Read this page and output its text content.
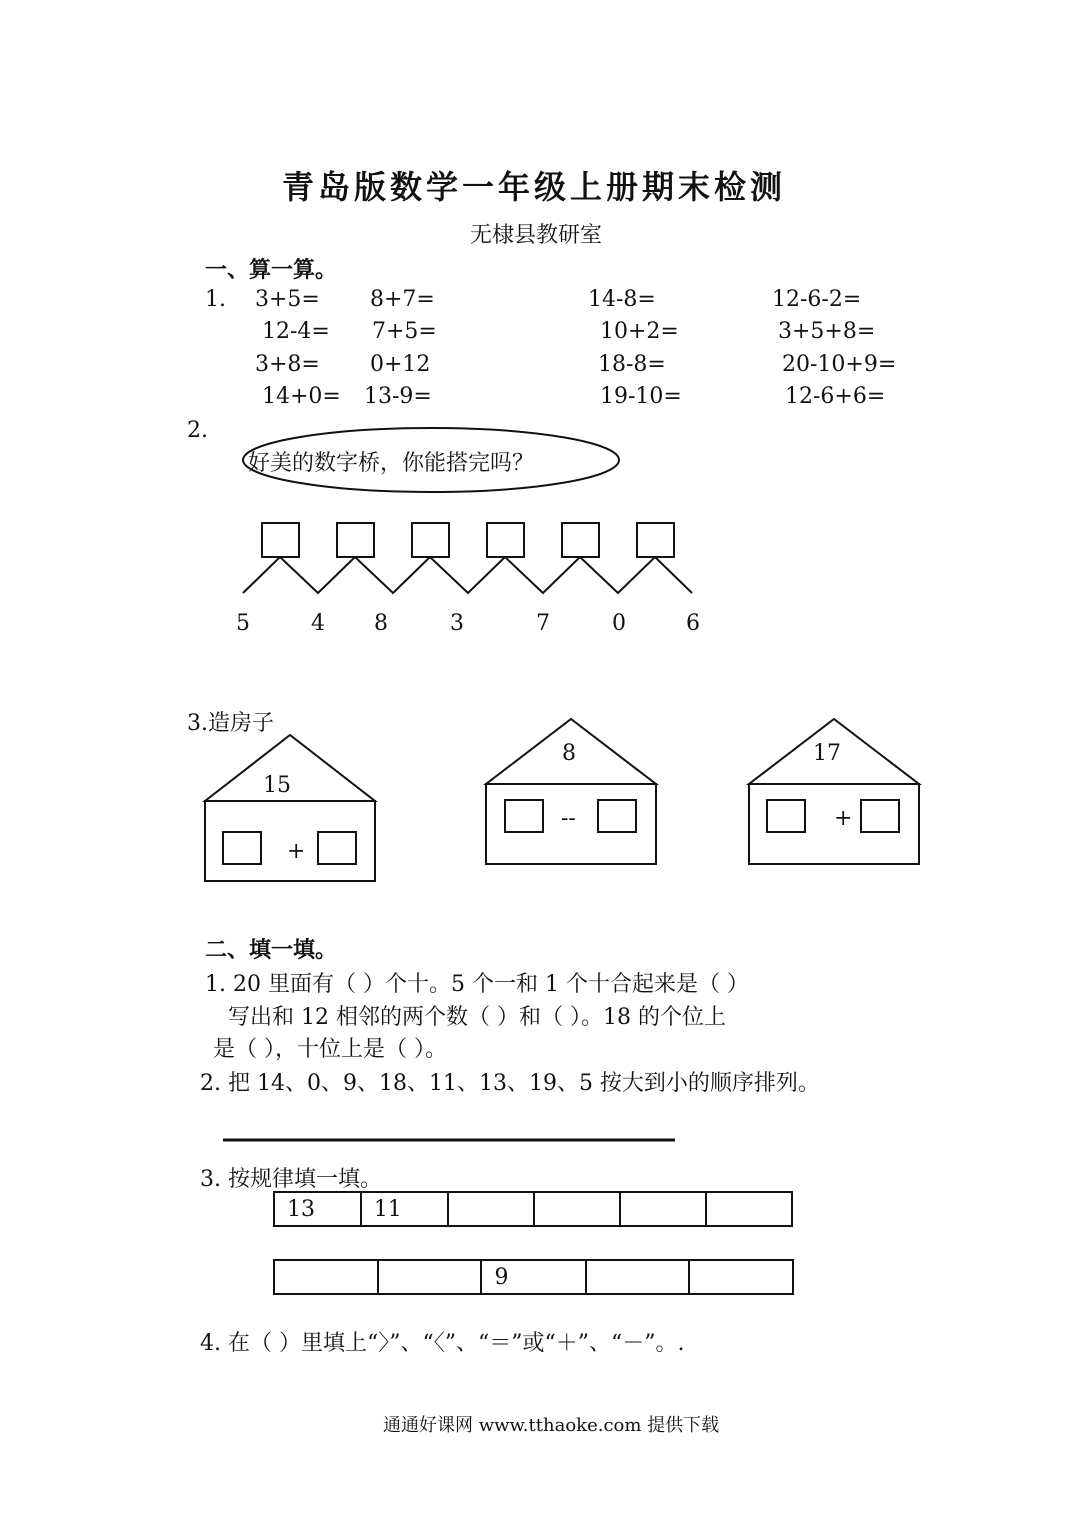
青岛版数学一年级上册期末检测
无棣县教研室
一、算一算。
1. 3+5= 8+7=	14-8=	12-6-2=
12-4= 7+5=	10+2=	3+5+8=
3+8= 0+12	18-8=	20-10+9=
14+0= 13-9=	19-10=	12-6+6=
2.
好美的数字桥，你能搭完吗？
5	4 8	3	7	0	6
3.造房子
15
+
8
--
17
+
二、填一填。
1. 20 里面有（ ）个十。5 个一和 1 个十合起来是（ ）
写出和 12 相邻的两个数（ ）和（ ）。18 的个位上
是（ ），十位上是（ ）。
2. 把 14、0、9、18、11、13、19、5 按大到小的顺序排列。
3. 按规律填一填。
13	11				
		9		
4. 在（ ）里填上“〉”、“〈”、“＝”或“＋”、“－”。.
通通好课网 www.tthaoke.com 提供下载
